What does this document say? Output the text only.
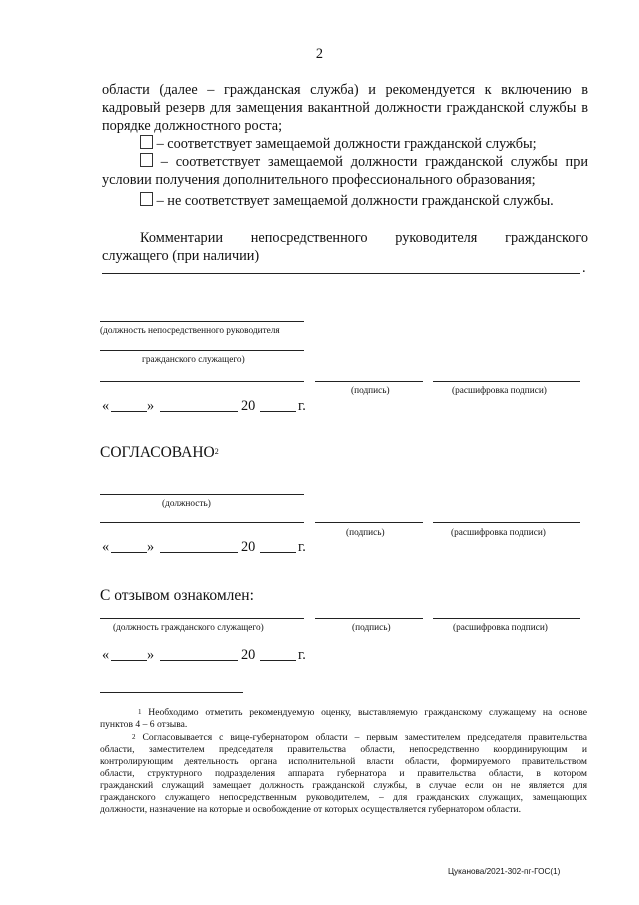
2
области (далее – гражданская служба) и рекомендуется к включению в
кадровый резерв для замещения вакантной должности гражданской службы в
порядке должностного роста;
– соответствует замещаемой должности гражданской службы;
– соответствует замещаемой должности гражданской службы при
условии получения дополнительного профессионального образования;
– не соответствует замещаемой должности гражданской службы.
Комментарии непосредственного руководителя гражданского
служащего (при наличии)
.
(должность непосредственного руководителя
гражданского служащего)
(подпись)	(расшифровка подписи)
«	»	20	г.
СОГЛАСОВАНО$^2$
(должность)
(подпись)	(расшифровка подписи)
«	»	20	г.
С отзывом ознакомлен:
(должность гражданского служащего)	(подпись)	(расшифровка подписи)
«	»	20	г.
$^1$ Необходимо отметить рекомендуемую оценку, выставляемую гражданскому служащему на основе
пунктов 4 – 6 отзыва.
$^2$ Согласовывается с вице-губернатором области – первым заместителем председателя правительства
области, заместителем председателя правительства области, непосредственно координирующим и
контролирующим деятельность органа исполнительной власти области, формируемого правительством
области, структурного подразделения аппарата губернатора и правительства области, в котором
гражданский служащий замещает должность гражданской службы, в случае если он не является для
гражданского служащего непосредственным руководителем, – для гражданских служащих, замещающих
должности, назначение на которые и освобождение от которых осуществляется губернатором области.
Цуканова/2021-302-пг-ГОС(1)
